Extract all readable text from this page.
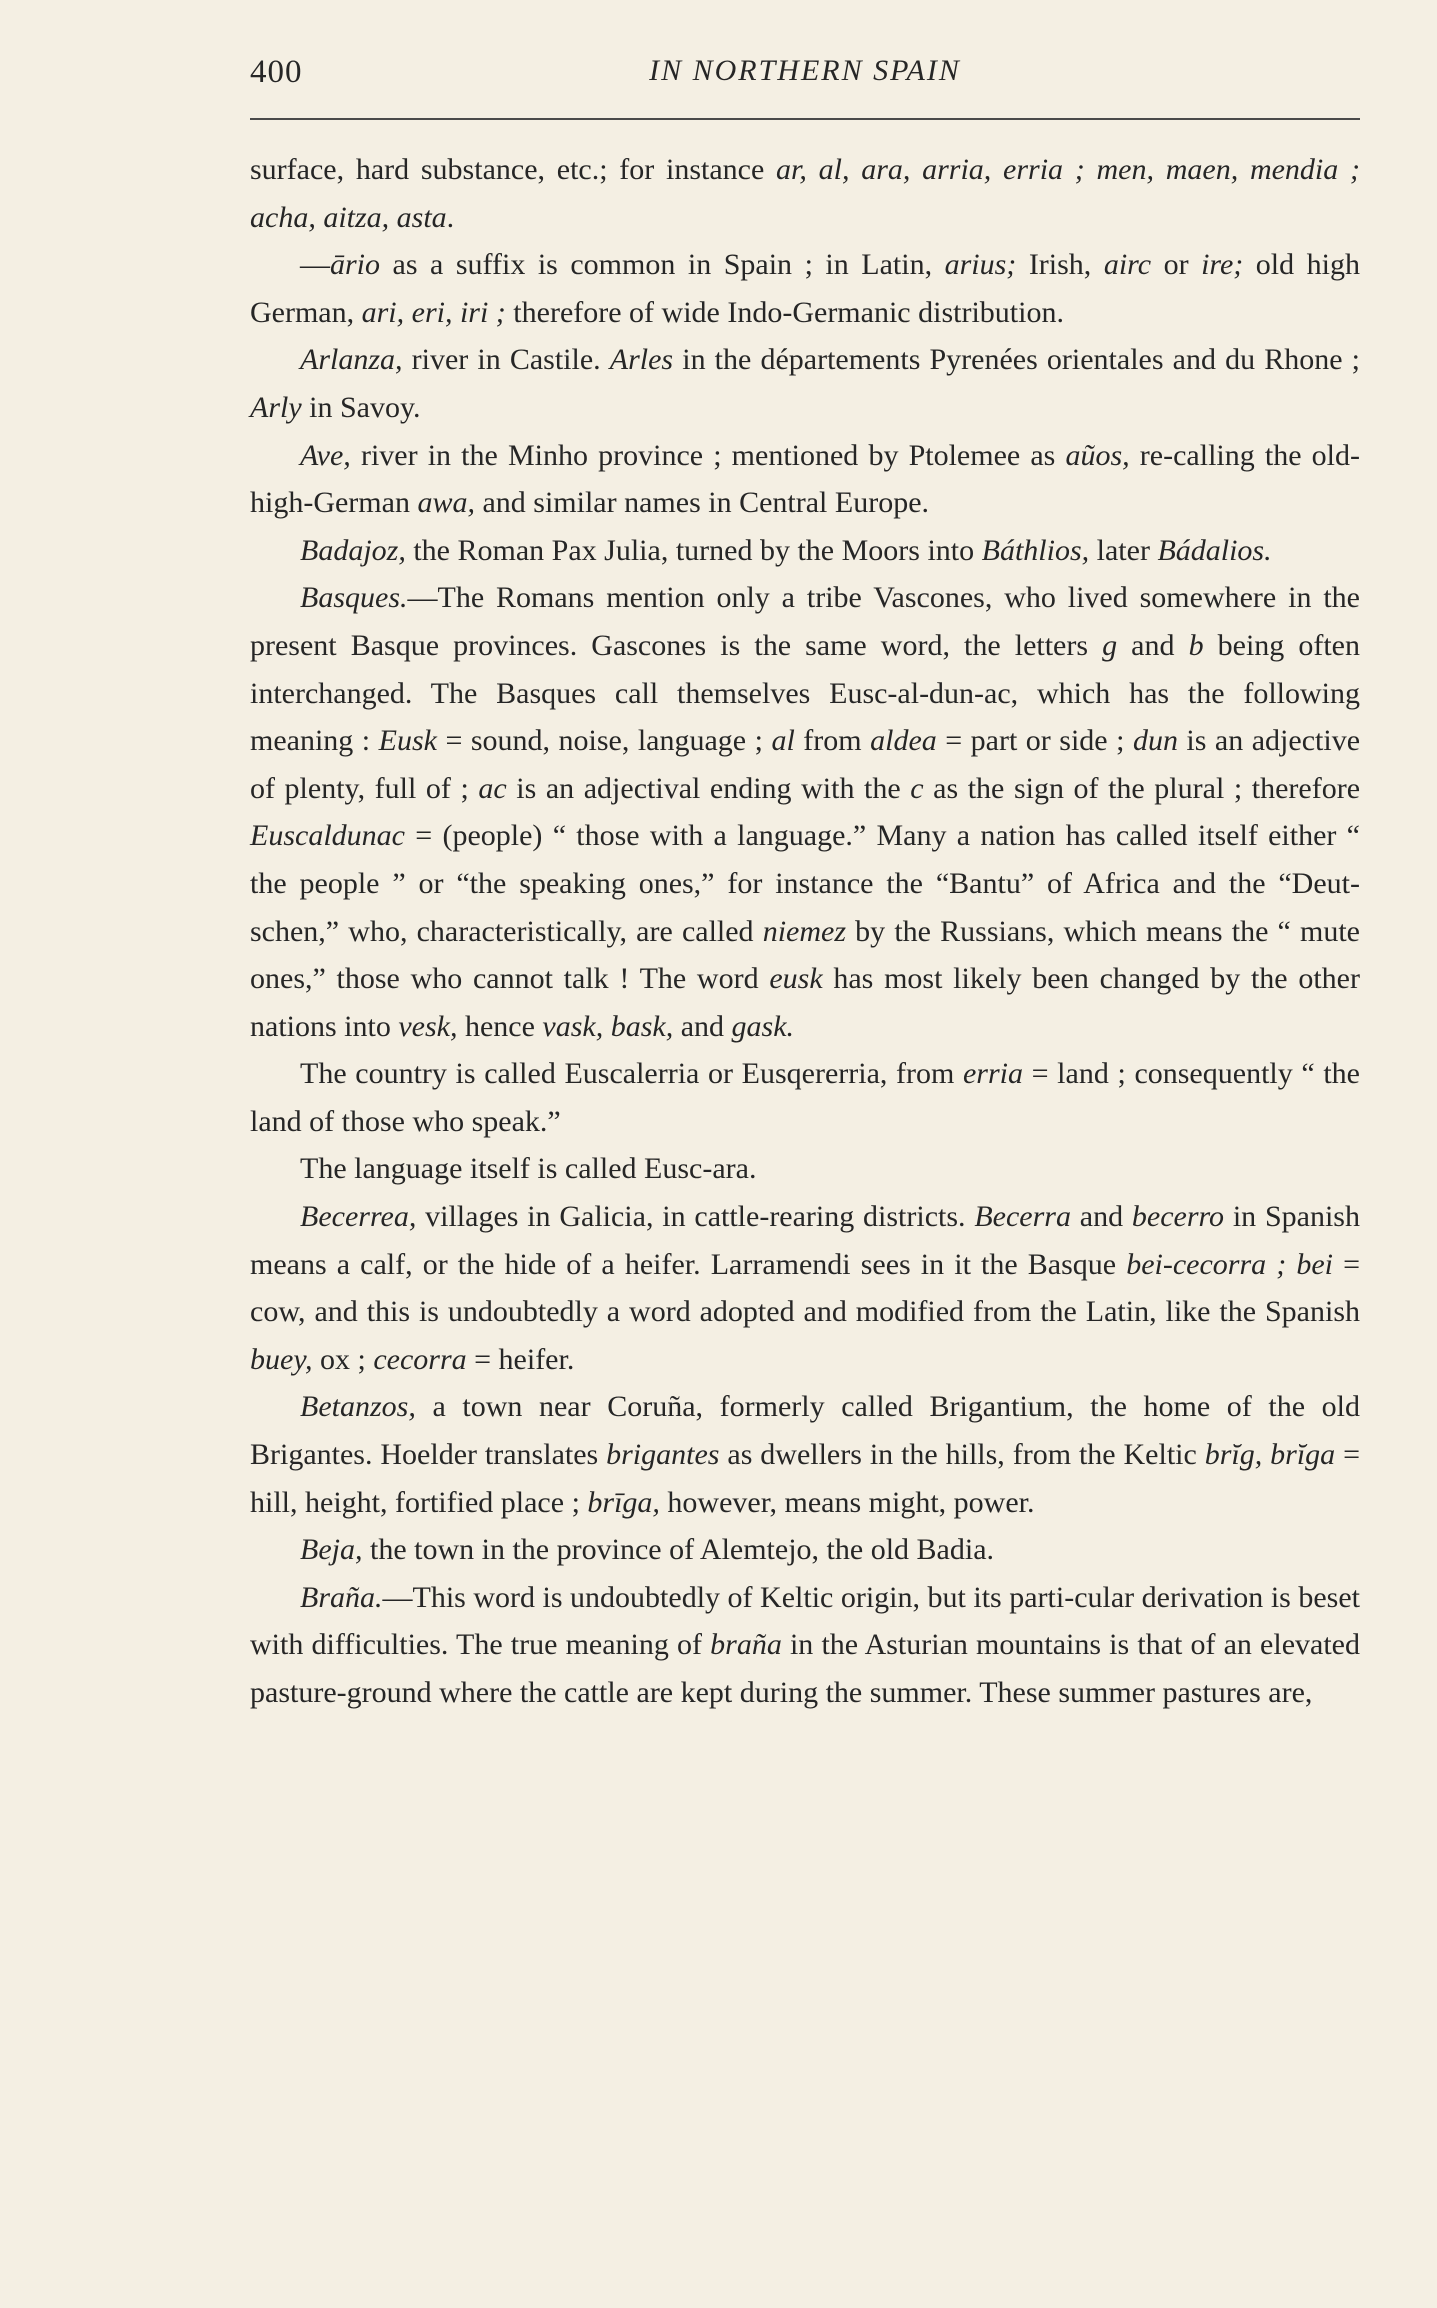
400	IN NORTHERN SPAIN

surface, hard substance, etc.; for instance ar, al, ara, arria, erria ; men, maen, mendia ; acha, aitza, asta.

—ārio as a suffix is common in Spain ; in Latin, arius; Irish, airc or ire; old high German, ari, eri, iri ; therefore of wide Indo-Germanic distribution.

Arlanza, river in Castile. Arles in the départements Pyrenées orientales and du Rhone ; Arly in Savoy.

Ave, river in the Minho province ; mentioned by Ptolemee as aũos, re-calling the old-high-German awa, and similar names in Central Europe.

Badajoz, the Roman Pax Julia, turned by the Moors into Báthlios, later Bádalios.

Basques.—The Romans mention only a tribe Vascones, who lived somewhere in the present Basque provinces. Gascones is the same word, the letters g and b being often interchanged. The Basques call themselves Eusc-al-dun-ac, which has the following meaning : Eusk = sound, noise, language ; al from aldea = part or side ; dun is an adjective of plenty, full of ; ac is an adjectival ending with the c as the sign of the plural ; therefore Euscaldunac = (people) “ those with a language.” Many a nation has called itself either “ the people ” or “the speaking ones,” for instance the “Bantu” of Africa and the “Deut-schen,” who, characteristically, are called niemez by the Russians, which means the “ mute ones,” those who cannot talk ! The word eusk has most likely been changed by the other nations into vesk, hence vask, bask, and gask.

The country is called Euscalerria or Eusqererria, from erria = land ; consequently “ the land of those who speak.”

The language itself is called Eusc-ara.

Becerrea, villages in Galicia, in cattle-rearing districts. Becerra and becerro in Spanish means a calf, or the hide of a heifer. Larramendi sees in it the Basque bei-cecorra ; bei = cow, and this is undoubtedly a word adopted and modified from the Latin, like the Spanish buey, ox ; cecorra = heifer.

Betanzos, a town near Coruña, formerly called Brigantium, the home of the old Brigantes. Hoelder translates brigantes as dwellers in the hills, from the Keltic brĭg, brĭga = hill, height, fortified place ; brīga, however, means might, power.

Beja, the town in the province of Alemtejo, the old Badia.

Braña.—This word is undoubtedly of Keltic origin, but its parti-cular derivation is beset with difficulties. The true meaning of braña in the Asturian mountains is that of an elevated pasture-ground where the cattle are kept during the summer. These summer pastures are,
